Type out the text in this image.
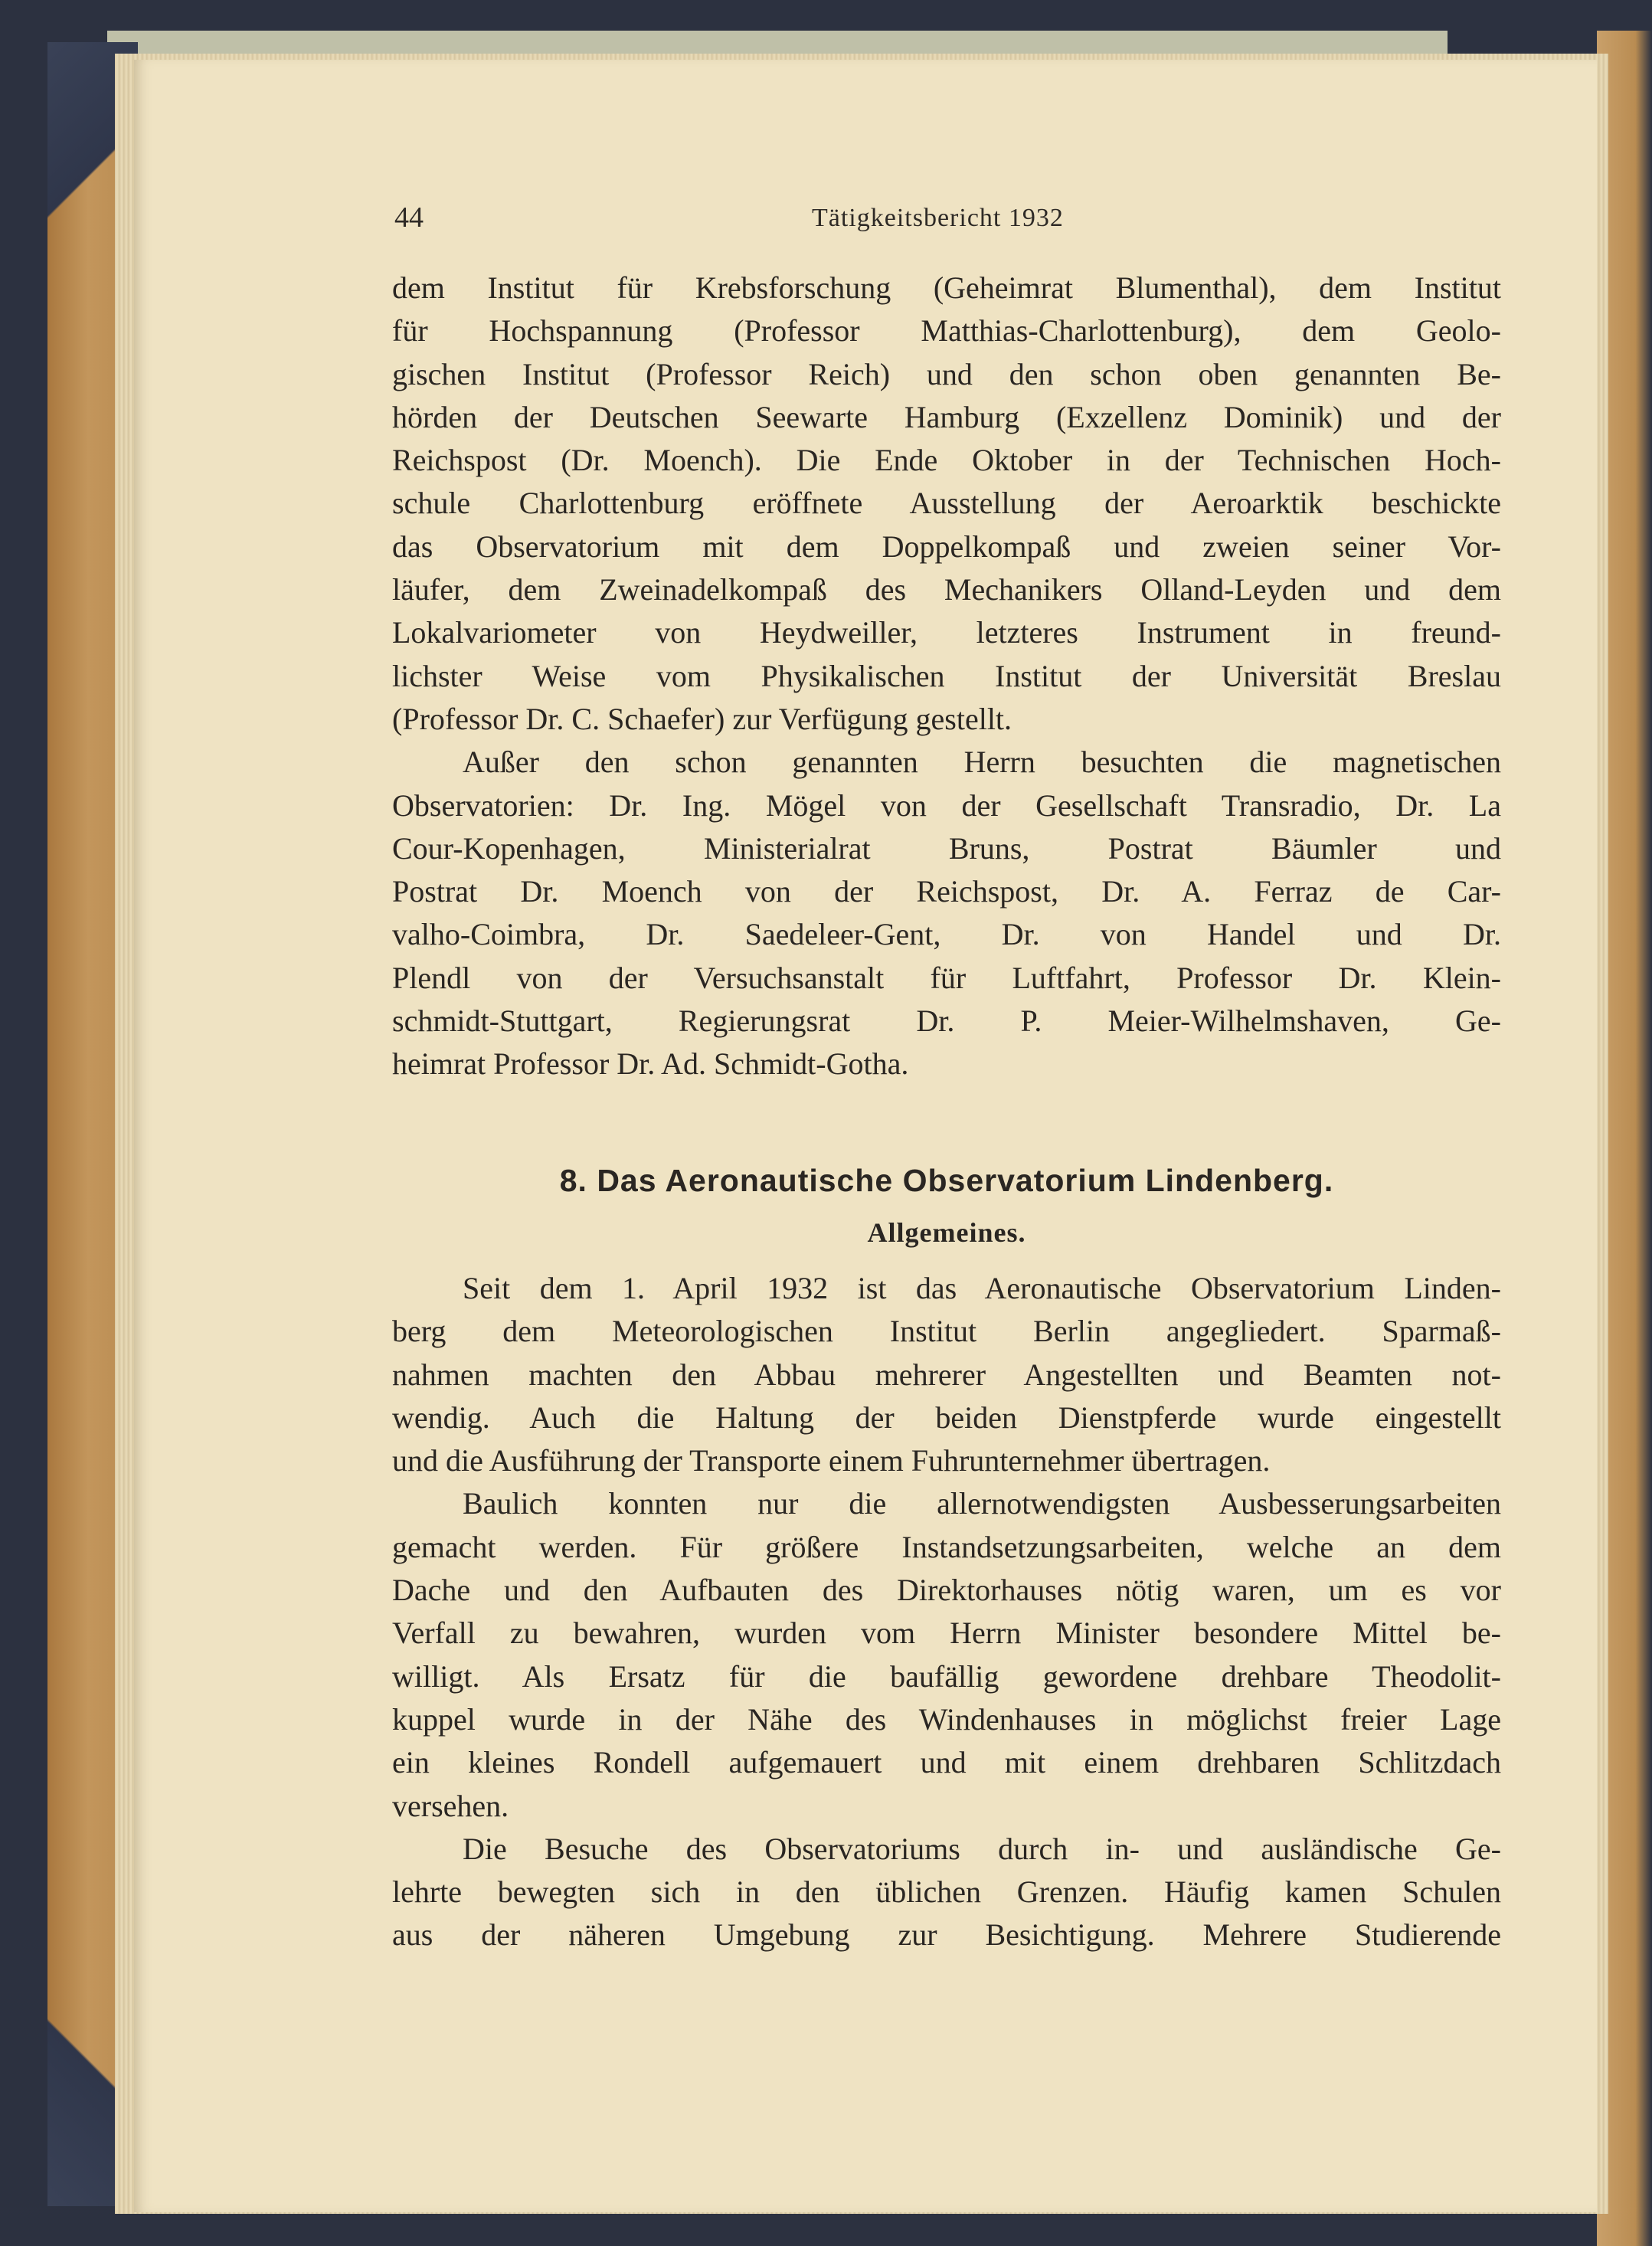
44	Tätigkeitsbericht 1932
dem Institut für Krebsforschung (Geheimrat Blumenthal), dem Institut
für Hochspannung (Professor Matthias-Charlottenburg), dem Geolo-
gischen Institut (Professor Reich) und den schon oben genannten Be-
hörden der Deutschen Seewarte Hamburg (Exzellenz Dominik) und der
Reichspost (Dr. Moench). Die Ende Oktober in der Technischen Hoch-
schule Charlottenburg eröffnete Ausstellung der Aeroarktik beschickte
das Observatorium mit dem Doppelkompaß und zweien seiner Vor-
läufer, dem Zweinadelkompaß des Mechanikers Olland-Leyden und dem
Lokalvariometer von Heydweiller, letzteres Instrument in freund-
lichster Weise vom Physikalischen Institut der Universität Breslau
(Professor Dr. C. Schaefer) zur Verfügung gestellt.
Außer den schon genannten Herrn besuchten die magnetischen
Observatorien: Dr. Ing. Mögel von der Gesellschaft Transradio, Dr. La
Cour-Kopenhagen, Ministerialrat Bruns, Postrat Bäumler und
Postrat Dr. Moench von der Reichspost, Dr. A. Ferraz de Car-
valho-Coimbra, Dr. Saedeleer-Gent, Dr. von Handel und Dr.
Plendl von der Versuchsanstalt für Luftfahrt, Professor Dr. Klein-
schmidt-Stuttgart, Regierungsrat Dr. P. Meier-Wilhelmshaven, Ge-
heimrat Professor Dr. Ad. Schmidt-Gotha.
8. Das Aeronautische Observatorium Lindenberg.
Allgemeines.
Seit dem 1. April 1932 ist das Aeronautische Observatorium Linden-
berg dem Meteorologischen Institut Berlin angegliedert. Sparmaß-
nahmen machten den Abbau mehrerer Angestellten und Beamten not-
wendig. Auch die Haltung der beiden Dienstpferde wurde eingestellt
und die Ausführung der Transporte einem Fuhrunternehmer übertragen.
Baulich konnten nur die allernotwendigsten Ausbesserungsarbeiten
gemacht werden. Für größere Instandsetzungsarbeiten, welche an dem
Dache und den Aufbauten des Direktorhauses nötig waren, um es vor
Verfall zu bewahren, wurden vom Herrn Minister besondere Mittel be-
willigt. Als Ersatz für die baufällig gewordene drehbare Theodolit-
kuppel wurde in der Nähe des Windenhauses in möglichst freier Lage
ein kleines Rondell aufgemauert und mit einem drehbaren Schlitzdach
versehen.
Die Besuche des Observatoriums durch in- und ausländische Ge-
lehrte bewegten sich in den üblichen Grenzen. Häufig kamen Schulen
aus der näheren Umgebung zur Besichtigung. Mehrere Studierende
